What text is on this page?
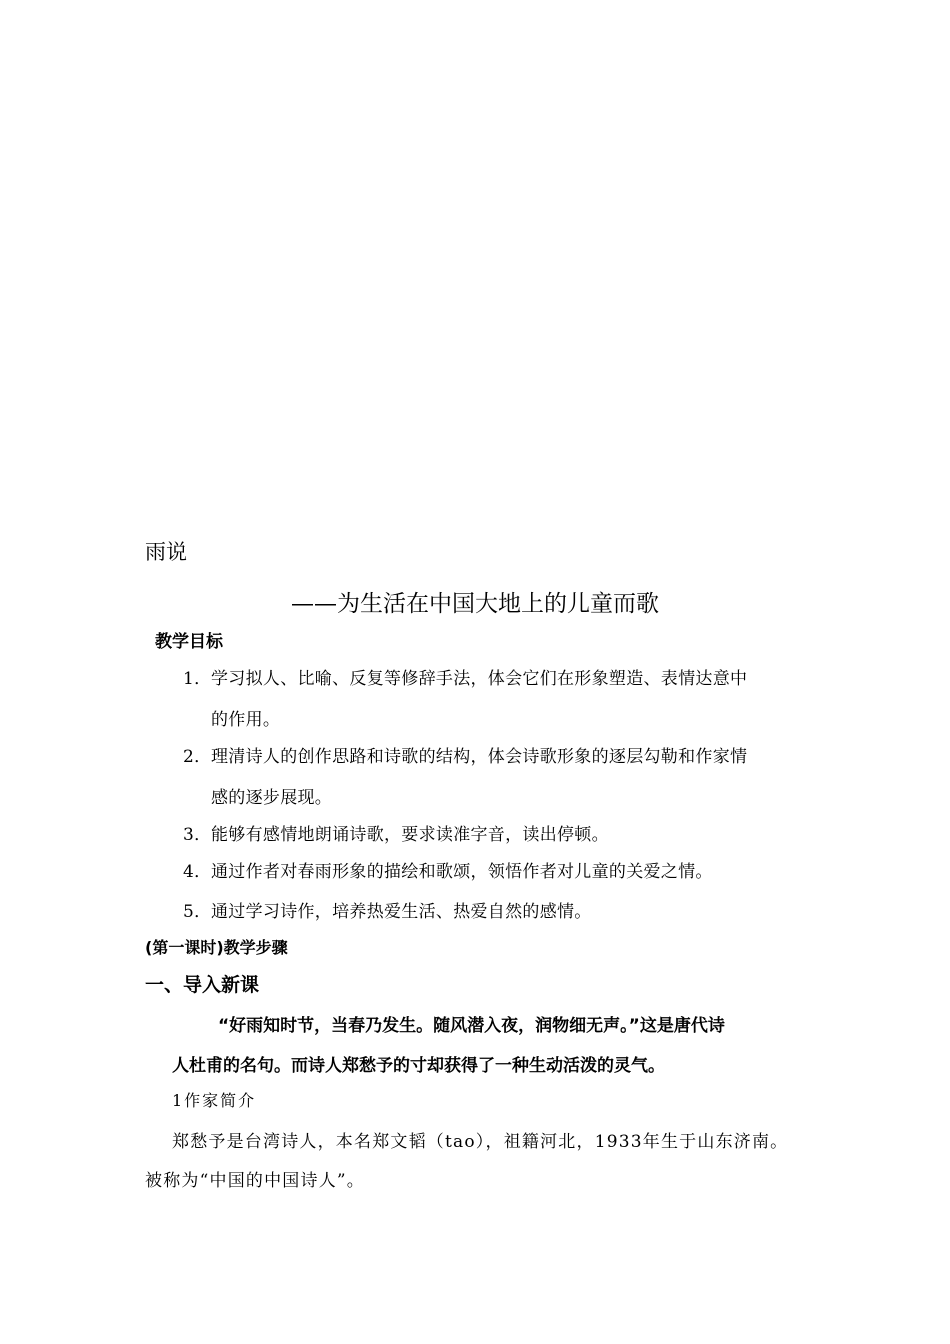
雨说
——为生活在中国大地上的儿童而歌
教学目标
1．学习拟人、比喻、反复等修辞手法，体会它们在形象塑造、表情达意中
的作用。
2．理清诗人的创作思路和诗歌的结构，体会诗歌形象的逐层勾勒和作家情
感的逐步展现。
3．能够有感情地朗诵诗歌，要求读准字音，读出停顿。
4．通过作者对春雨形象的描绘和歌颂，领悟作者对儿童的关爱之情。
5．通过学习诗作，培养热爱生活、热爱自然的感情。
(第一课时)教学步骤
一、导入新课
“好雨知时节，当春乃发生。随风潜入夜，润物细无声。”这是唐代诗
人杜甫的名句。而诗人郑愁予的寸却获得了一种生动活泼的灵气。
1作家简介
郑愁予是台湾诗人，本名郑文韬（tao），祖籍河北，1933年生于山东济南。
被称为“中国的中国诗人”。
